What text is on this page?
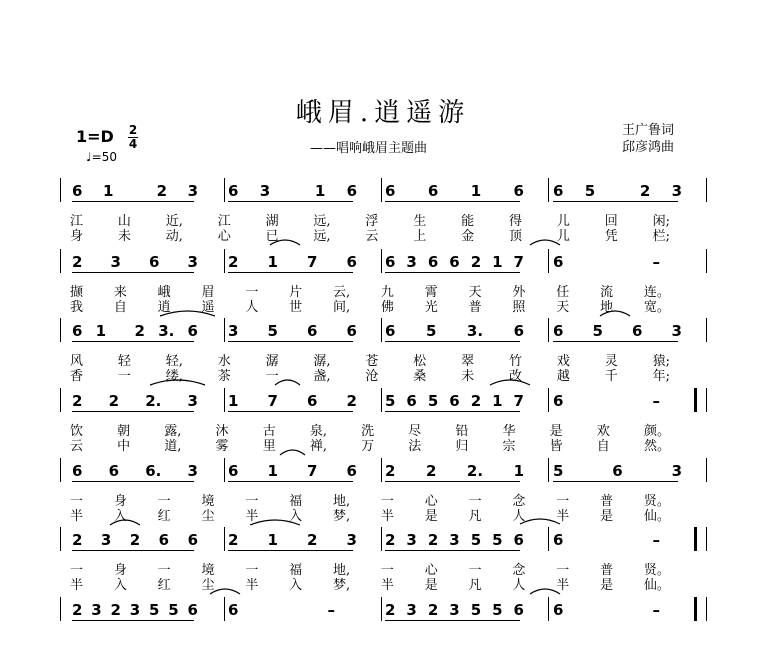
峨眉.逍遥游
——唱响峨眉主题曲
王广鲁词
邱彦鸿曲
1=D 2
4
♩=50
6 1	2 3 6 3	1 6 6 6 1 6 6 5	2 3
江	山	近,	江	湖	远,	浮	生	能	得	儿	回	闲;
身	未	动,	心	已	远,	云	上	金	顶	儿	凭	栏;
2 3 6 3 2 1 7 6 6 3 6 6 2 1 7 6	–
撷 来 峨 眉 一 片 云, 九 霄 天 外 任 流 连。
我 自 逍 遥 人 世 间, 佛 光 普 照 天 地 宽。
6 1 2 3. 6 3 5 6 6 6 5 3. 6 6 5 6 3
风	轻	轻,	水	潺	潺,	苍	松	翠	竹	戏	灵	猿;
香	一	缕,	茶	一	盏,	沧	桑	未	改	越	千	年;
2 2 2. 3 1 7 6 2 5 6 5 6 2 1 7 6	–
饮	朝	露,	沐	古	泉,	洗	尽	铅	华	是	欢	颜。
云	中	道,	雾	里	禅,	万	法	归	宗	皆	自	然。
6 6 6. 3 6 1 7 6 2 2 2. 1 5	6	3
一 身 一 境 一 福 地, 一 心 一 念 一 普 贤。
半 入 红 尘 半 入 梦, 半 是 凡 人 半 是 仙。
2 3 2 6 6 2 1 2 3 2 3 2 3 5 5 6 6	–
一 身 一 境 一 福 地, 一 心 一 念 一 普 贤。
半 入 红 尘 半 入 梦, 半 是 凡 人 半 是 仙。
2 3 2 3 5 5 6 6	–	2 3 2 3 5 5 6 6	–
